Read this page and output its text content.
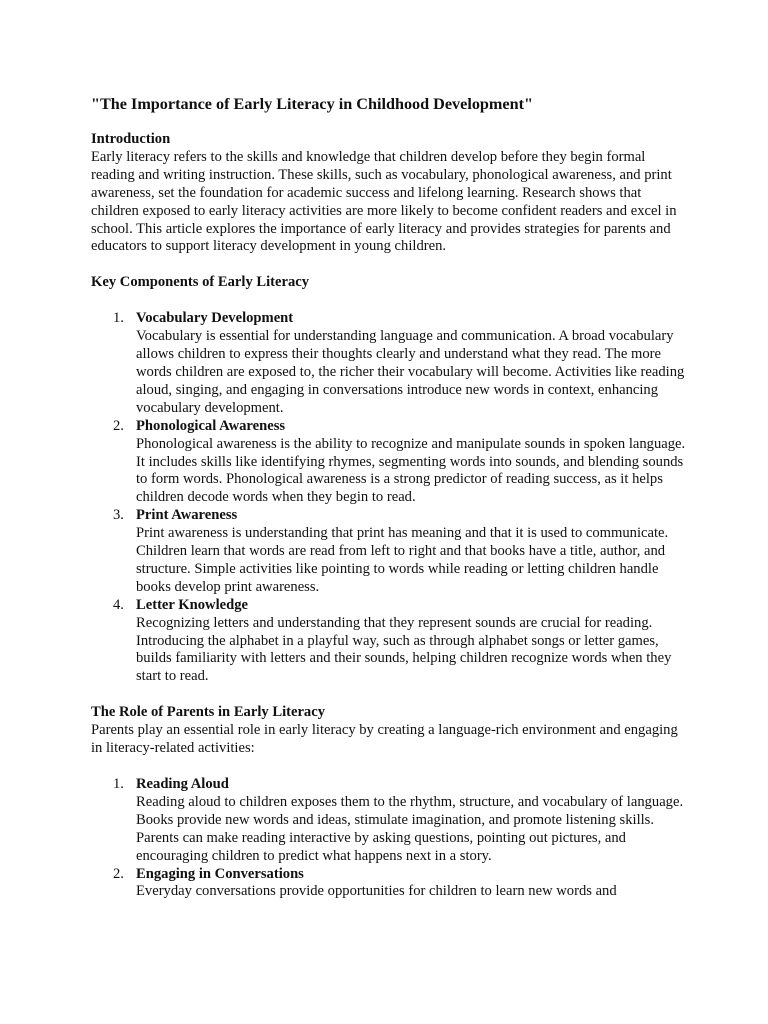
"The Importance of Early Literacy in Childhood Development"
Introduction

Early literacy refers to the skills and knowledge that children develop before they begin formal reading and writing instruction. These skills, such as vocabulary, phonological awareness, and print awareness, set the foundation for academic success and lifelong learning. Research shows that children exposed to early literacy activities are more likely to become confident readers and excel in school. This article explores the importance of early literacy and provides strategies for parents and educators to support literacy development in young children.

Key Components of Early Literacy
1. Vocabulary Development
Vocabulary is essential for understanding language and communication. A broad vocabulary allows children to express their thoughts clearly and understand what they read. The more words children are exposed to, the richer their vocabulary will become. Activities like reading aloud, singing, and engaging in conversations introduce new words in context, enhancing vocabulary development.
2. Phonological Awareness
Phonological awareness is the ability to recognize and manipulate sounds in spoken language. It includes skills like identifying rhymes, segmenting words into sounds, and blending sounds to form words. Phonological awareness is a strong predictor of reading success, as it helps children decode words when they begin to read.
3. Print Awareness
Print awareness is understanding that print has meaning and that it is used to communicate. Children learn that words are read from left to right and that books have a title, author, and structure. Simple activities like pointing to words while reading or letting children handle books develop print awareness.
4. Letter Knowledge
Recognizing letters and understanding that they represent sounds are crucial for reading. Introducing the alphabet in a playful way, such as through alphabet songs or letter games, builds familiarity with letters and their sounds, helping children recognize words when they start to read.
The Role of Parents in Early Literacy

Parents play an essential role in early literacy by creating a language-rich environment and engaging in literacy-related activities:

1. Reading Aloud
Reading aloud to children exposes them to the rhythm, structure, and vocabulary of language. Books provide new words and ideas, stimulate imagination, and promote listening skills. Parents can make reading interactive by asking questions, pointing out pictures, and encouraging children to predict what happens next in a story.
2. Engaging in Conversations
Everyday conversations provide opportunities for children to learn new words and
